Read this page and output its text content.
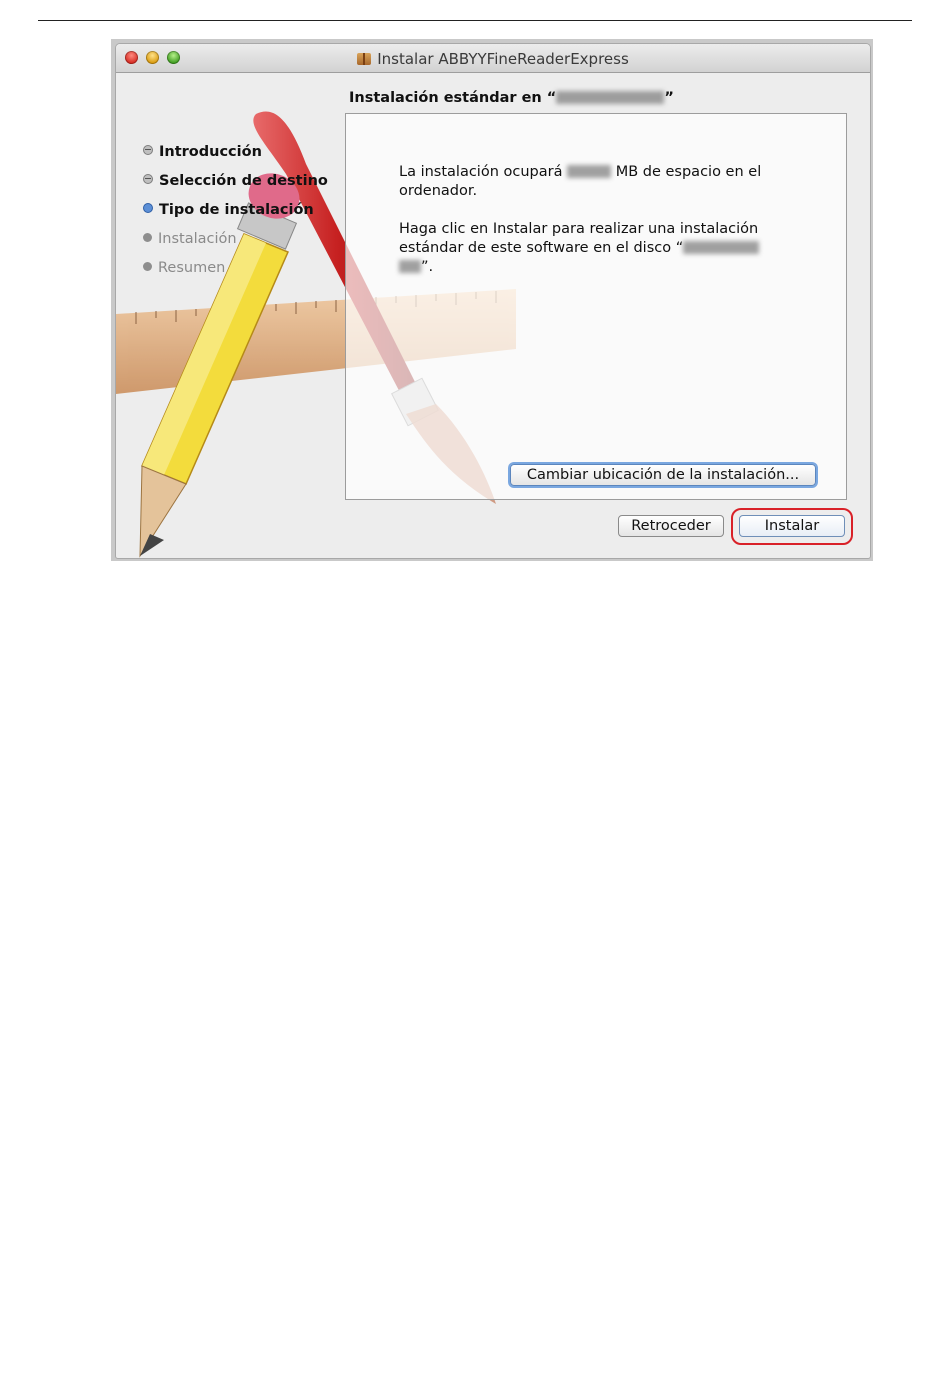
Instalar ABBYYFineReaderExpress
Instalación estándar en “	”
Introducción
Selección de destino
Tipo de instalación
Instalación
Resumen
La instalación ocupará	MB de espacio en el
ordenador.
Haga clic en Instalar para realizar una instalación
estándar de este software en el disco “
”.
Cambiar ubicación de la instalación...
Retroceder	Instalar
